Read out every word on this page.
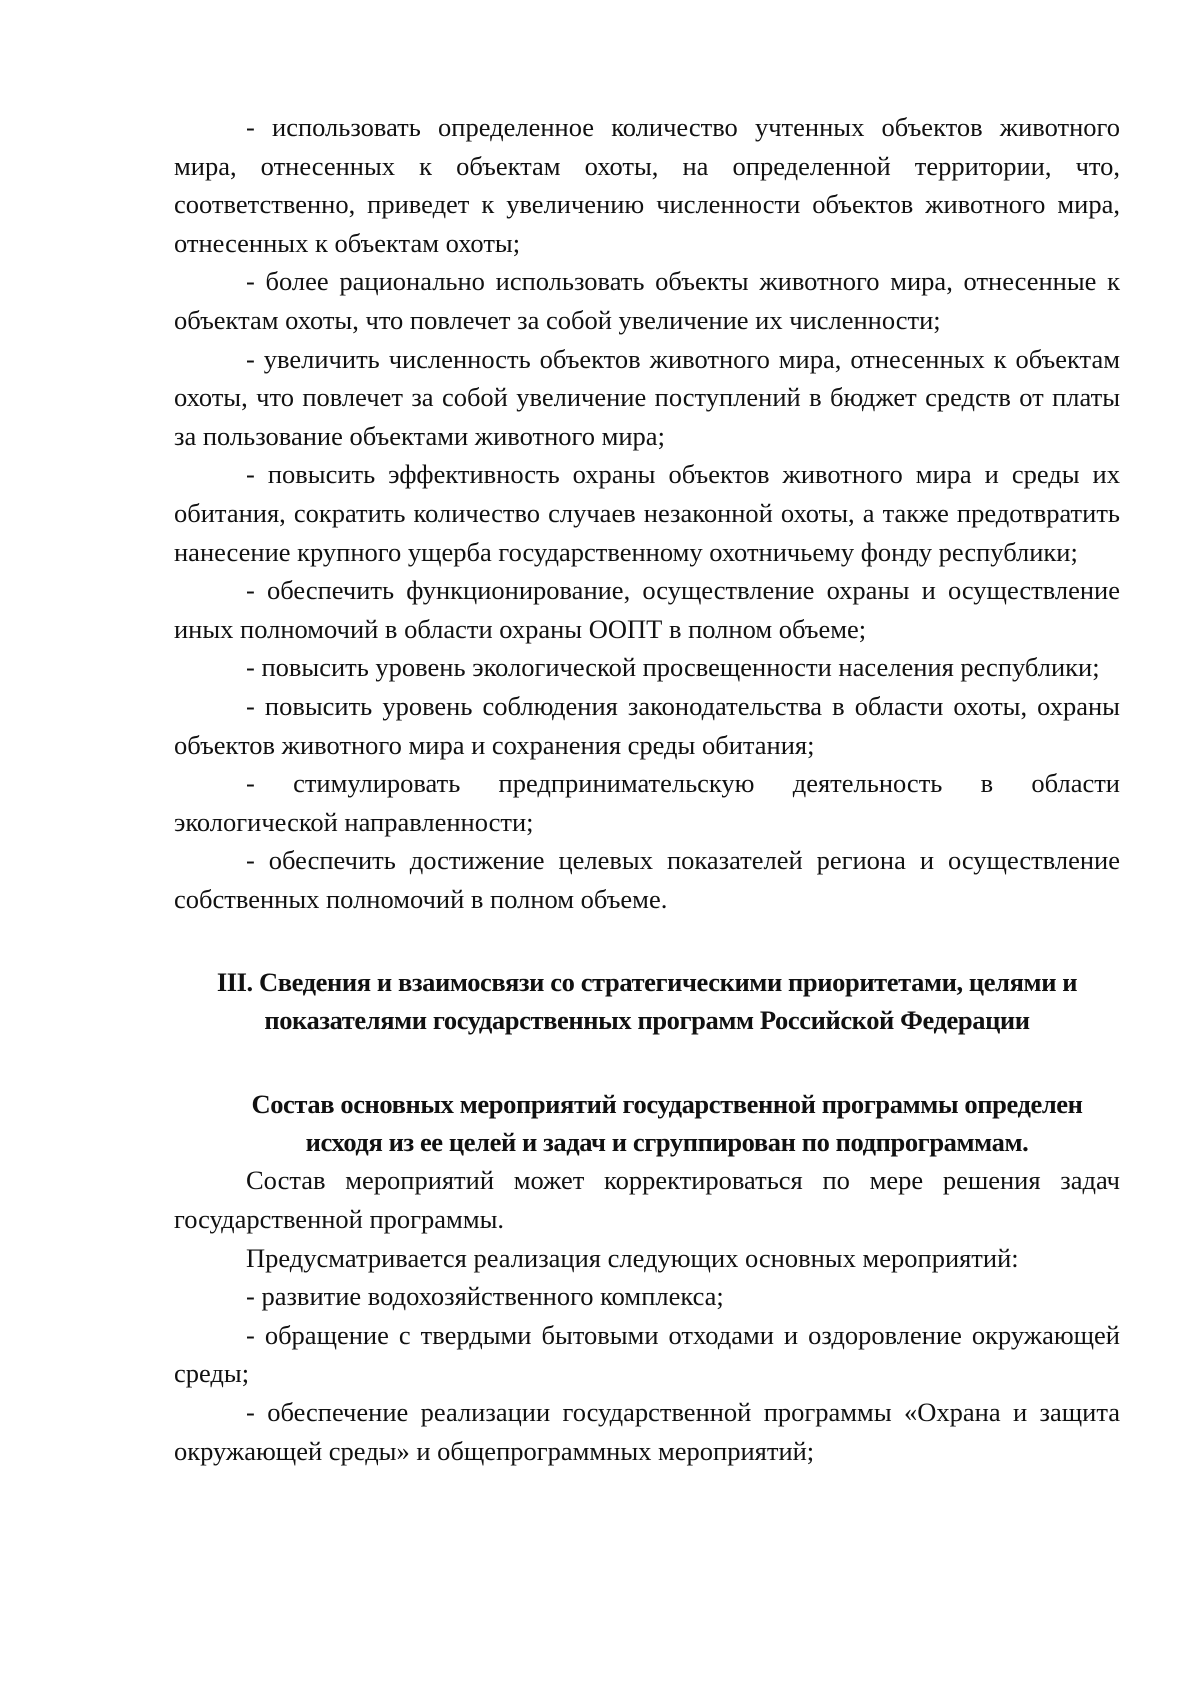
- использовать определенное количество учтенных объектов животного мира, отнесенных к объектам охоты, на определенной территории, что, соответственно, приведет к увеличению численности объектов животного мира, отнесенных к объектам охоты;

- более рационально использовать объекты животного мира, отнесенные к объектам охоты, что повлечет за собой увеличение их численности;

- увеличить численность объектов животного мира, отнесенных к объектам охоты, что повлечет за собой увеличение поступлений в бюджет средств от платы за пользование объектами животного мира;

- повысить эффективность охраны объектов животного мира и среды их обитания, сократить количество случаев незаконной охоты, а также предотвратить нанесение крупного ущерба государственному охотничьему фонду республики;

- обеспечить функционирование, осуществление охраны и осуществление иных полномочий в области охраны ООПТ в полном объеме;

- повысить уровень экологической просвещенности населения республики;

- повысить уровень соблюдения законодательства в области охоты, охраны объектов животного мира и сохранения среды обитания;

- стимулировать предпринимательскую деятельность в области экологической направленности;

- обеспечить достижение целевых показателей региона и осуществление собственных полномочий в полном объеме.

III. Сведения и взаимосвязи со стратегическими приоритетами, целями и
показателями государственных программ Российской Федерации
Состав основных мероприятий государственной программы определен
исходя из ее целей и задач и сгруппирован по подпрограммам.

Состав мероприятий может корректироваться по мере решения задач государственной программы.

Предусматривается реализация следующих основных мероприятий:

- развитие водохозяйственного комплекса;

- обращение с твердыми бытовыми отходами и оздоровление окружающей среды;

- обеспечение реализации государственной программы «Охрана и защита окружающей среды» и общепрограммных мероприятий;
